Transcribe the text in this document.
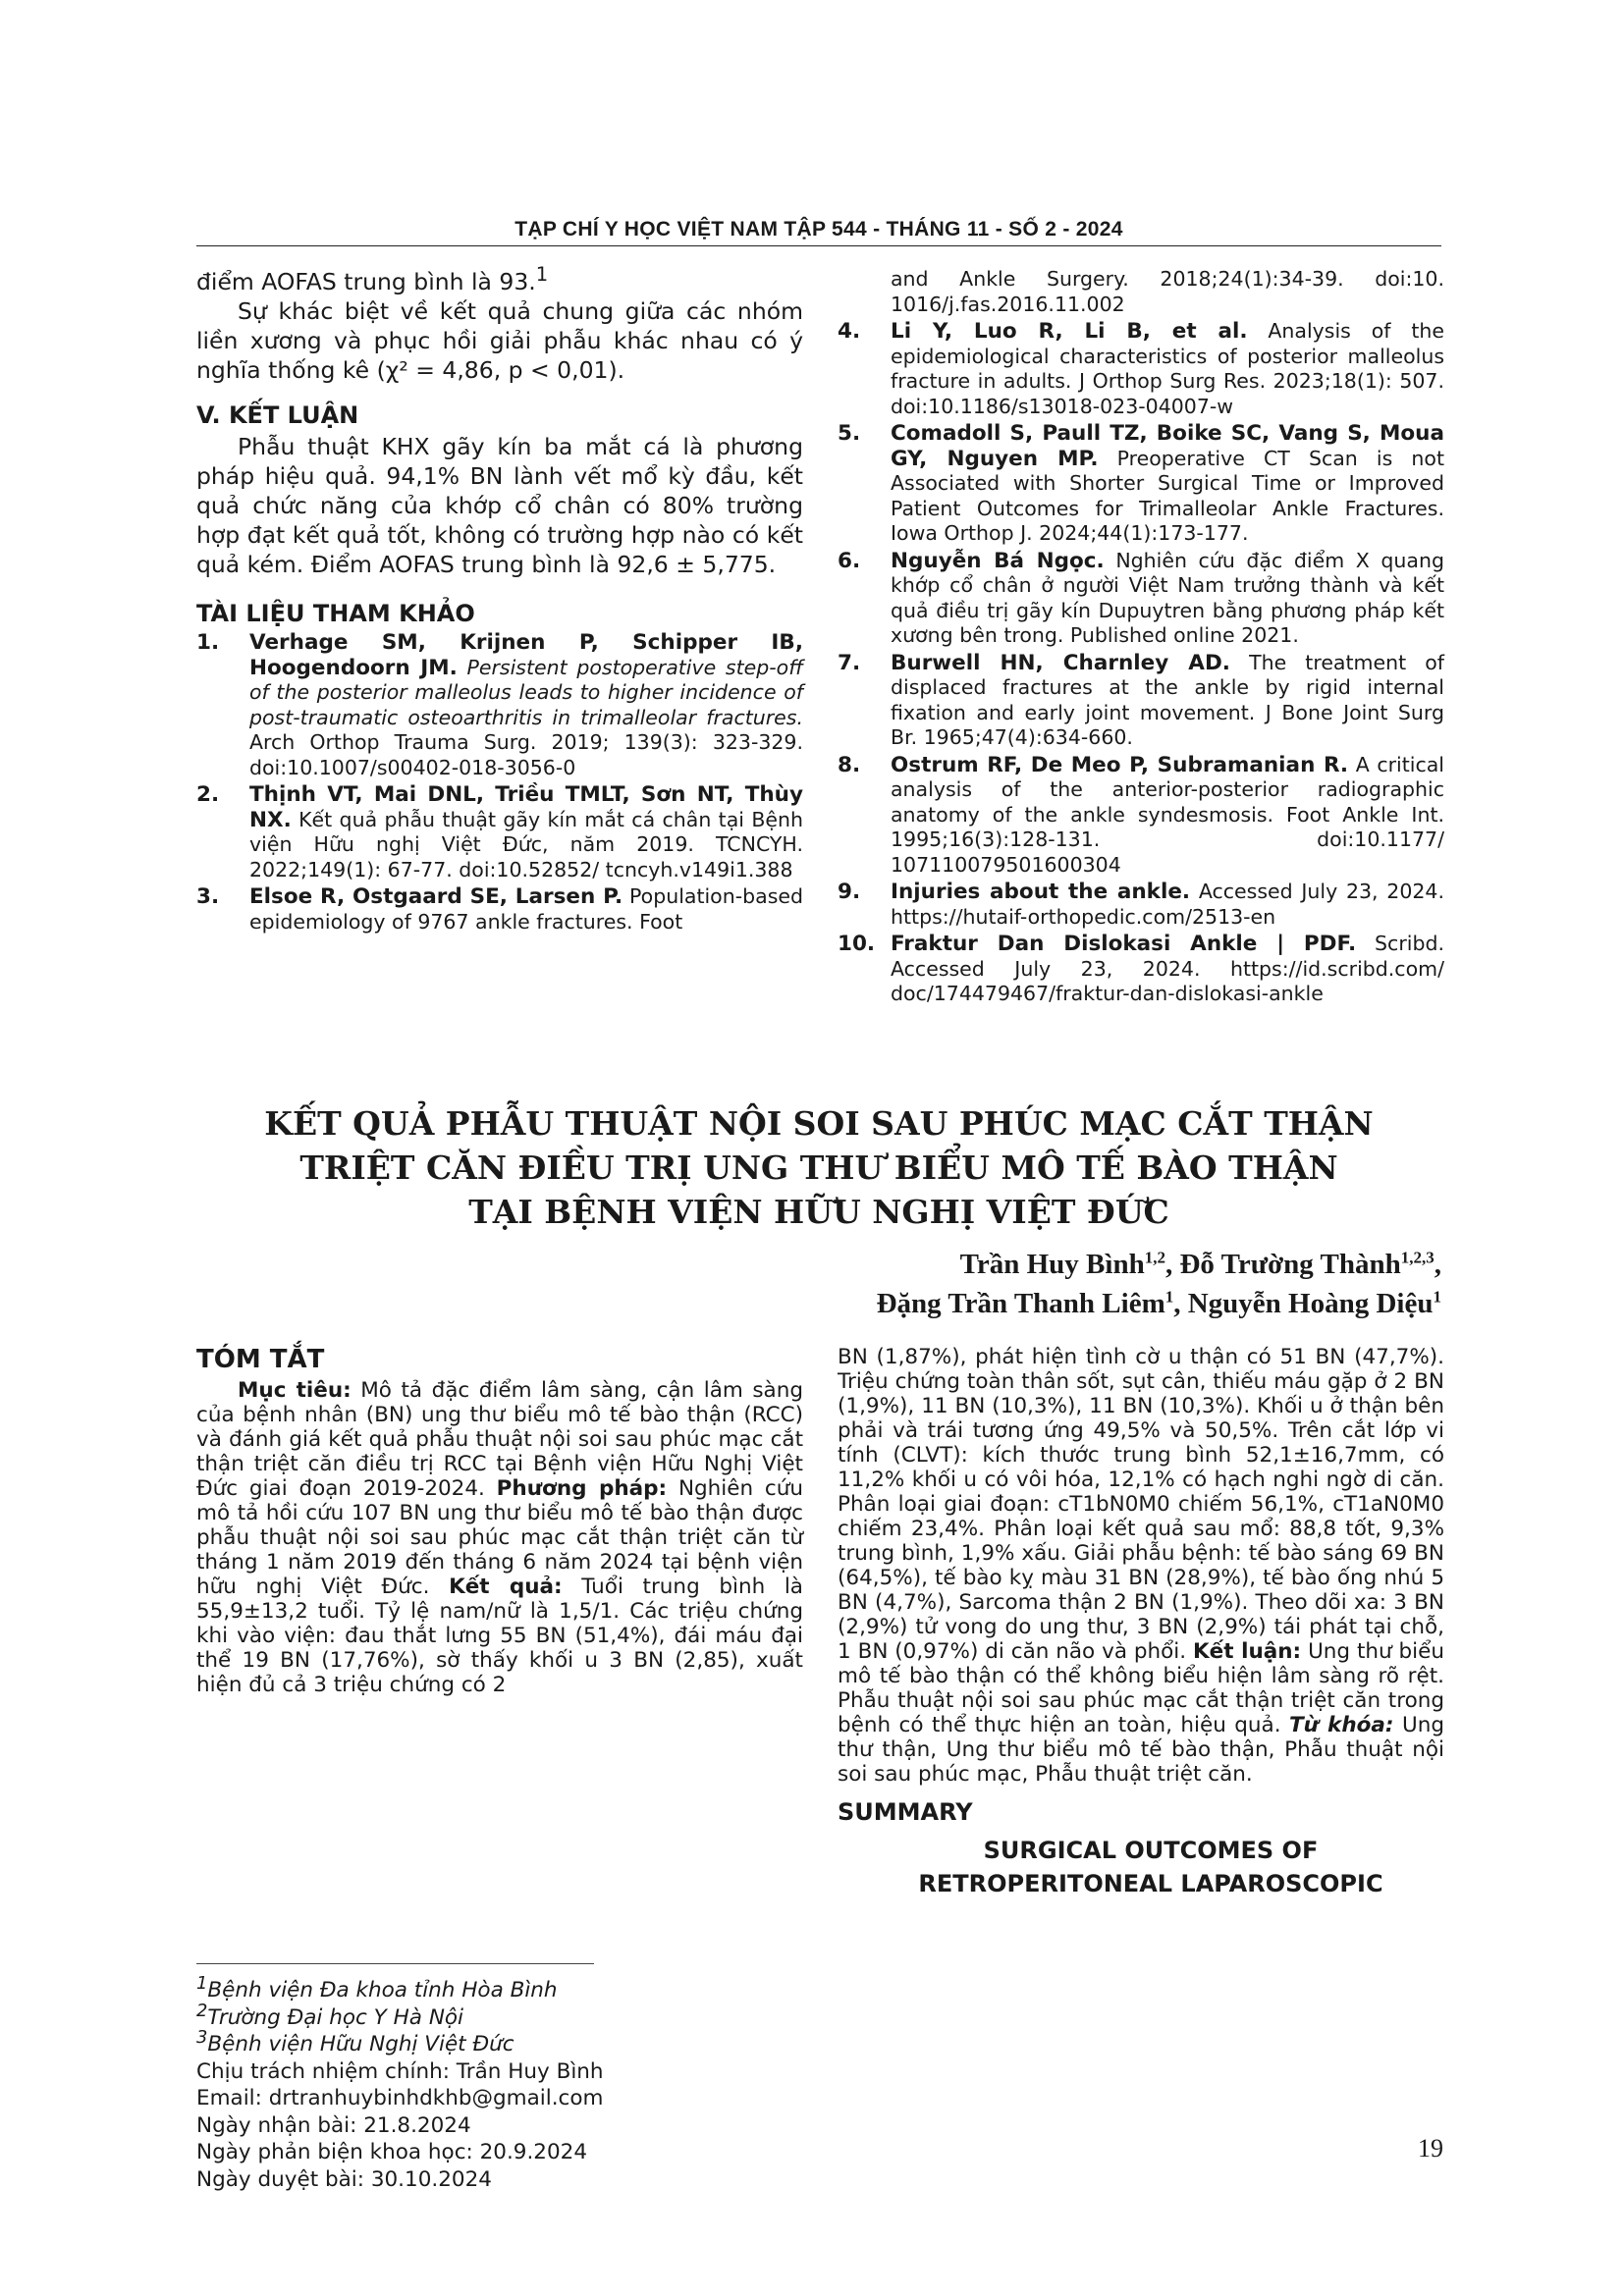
TẠP CHÍ Y HỌC VIỆT NAM TẬP 544 - THÁNG 11 - SỐ 2 - 2024

điểm AOFAS trung bình là 93.$^1$

Sự khác biệt về kết quả chung giữa các nhóm liền xương và phục hồi giải phẫu khác nhau có ý nghĩa thống kê (χ² = 4,86, p < 0,01).

V. KẾT LUẬN

Phẫu thuật KHX gãy kín ba mắt cá là phương pháp hiệu quả. 94,1% BN lành vết mổ kỳ đầu, kết quả chức năng của khớp cổ chân có 80% trường hợp đạt kết quả tốt, không có trường hợp nào có kết quả kém. Điểm AOFAS trung bình là 92,6 ± 5,775.

TÀI LIỆU THAM KHẢO
1. Verhage SM, Krijnen P, Schipper IB, Hoogendoorn JM. Persistent postoperative step-off of the posterior malleolus leads to higher incidence of post-traumatic osteoarthritis in trimalleolar fractures. Arch Orthop Trauma Surg. 2019; 139(3): 323-329. doi:10.1007/s00402-018-3056-0
2. Thịnh VT, Mai DNL, Triều TMLT, Sơn NT, Thùy NX. Kết quả phẫu thuật gãy kín mắt cá chân tại Bệnh viện Hữu nghị Việt Đức, năm 2019. TCNCYH. 2022;149(1): 67-77. doi:10.52852/ tcncyh.v149i1.388
3. Elsoe R, Ostgaard SE, Larsen P. Population-based epidemiology of 9767 ankle fractures. Foot
and Ankle Surgery. 2018;24(1):34-39. doi:10. 1016/j.fas.2016.11.002
4. Li Y, Luo R, Li B, et al. Analysis of the epidemiological characteristics of posterior malleolus fracture in adults. J Orthop Surg Res. 2023;18(1): 507. doi:10.1186/s13018-023-04007-w
5. Comadoll S, Paull TZ, Boike SC, Vang S, Moua GY, Nguyen MP. Preoperative CT Scan is not Associated with Shorter Surgical Time or Improved Patient Outcomes for Trimalleolar Ankle Fractures. Iowa Orthop J. 2024;44(1):173-177.
6. Nguyễn Bá Ngọc. Nghiên cứu đặc điểm X quang khớp cổ chân ở người Việt Nam trưởng thành và kết quả điều trị gãy kín Dupuytren bằng phương pháp kết xương bên trong. Published online 2021.
7. Burwell HN, Charnley AD. The treatment of displaced fractures at the ankle by rigid internal fixation and early joint movement. J Bone Joint Surg Br. 1965;47(4):634-660.
8. Ostrum RF, De Meo P, Subramanian R. A critical analysis of the anterior-posterior radiographic anatomy of the ankle syndesmosis. Foot Ankle Int. 1995;16(3):128-131. doi:10.1177/ 107110079501600304
9. Injuries about the ankle. Accessed July 23, 2024. https://hutaif-orthopedic.com/2513-en
10. Fraktur Dan Dislokasi Ankle | PDF. Scribd. Accessed July 23, 2024. https://id.scribd.com/ doc/174479467/fraktur-dan-dislokasi-ankle
KẾT QUẢ PHẪU THUẬT NỘI SOI SAU PHÚC MẠC CẮT THẬN
TRIỆT CĂN ĐIỀU TRỊ UNG THƯ BIỂU MÔ TẾ BÀO THẬN
TẠI BỆNH VIỆN HỮU NGHỊ VIỆT ĐỨC
Trần Huy Bình$^{1,2}$, Đỗ Trường Thành$^{1,2,3}$,
Đặng Trần Thanh Liêm$^1$, Nguyễn Hoàng Diệu$^1$
TÓM TẮT

Mục tiêu: Mô tả đặc điểm lâm sàng, cận lâm sàng của bệnh nhân (BN) ung thư biểu mô tế bào thận (RCC) và đánh giá kết quả phẫu thuật nội soi sau phúc mạc cắt thận triệt căn điều trị RCC tại Bệnh viện Hữu Nghị Việt Đức giai đoạn 2019-2024. Phương pháp: Nghiên cứu mô tả hồi cứu 107 BN ung thư biểu mô tế bào thận được phẫu thuật nội soi sau phúc mạc cắt thận triệt căn từ tháng 1 năm 2019 đến tháng 6 năm 2024 tại bệnh viện hữu nghị Việt Đức. Kết quả: Tuổi trung bình là 55,9±13,2 tuổi. Tỷ lệ nam/nữ là 1,5/1. Các triệu chứng khi vào viện: đau thắt lưng 55 BN (51,4%), đái máu đại thể 19 BN (17,76%), sờ thấy khối u 3 BN (2,85), xuất hiện đủ cả 3 triệu chứng có 2

BN (1,87%), phát hiện tình cờ u thận có 51 BN (47,7%). Triệu chứng toàn thân sốt, sụt cân, thiếu máu gặp ở 2 BN (1,9%), 11 BN (10,3%), 11 BN (10,3%). Khối u ở thận bên phải và trái tương ứng 49,5% và 50,5%. Trên cắt lớp vi tính (CLVT): kích thước trung bình 52,1±16,7mm, có 11,2% khối u có vôi hóa, 12,1% có hạch nghi ngờ di căn. Phân loại giai đoạn: cT1bN0M0 chiếm 56,1%, cT1aN0M0 chiếm 23,4%. Phân loại kết quả sau mổ: 88,8 tốt, 9,3% trung bình, 1,9% xấu. Giải phẫu bệnh: tế bào sáng 69 BN (64,5%), tế bào kỵ màu 31 BN (28,9%), tế bào ống nhú 5 BN (4,7%), Sarcoma thận 2 BN (1,9%). Theo dõi xa: 3 BN (2,9%) tử vong do ung thư, 3 BN (2,9%) tái phát tại chỗ, 1 BN (0,97%) di căn não và phổi. Kết luận: Ung thư biểu mô tế bào thận có thể không biểu hiện lâm sàng rõ rệt. Phẫu thuật nội soi sau phúc mạc cắt thận triệt căn trong bệnh có thể thực hiện an toàn, hiệu quả. Từ khóa: Ung thư thận, Ung thư biểu mô tế bào thận, Phẫu thuật nội soi sau phúc mạc, Phẫu thuật triệt căn.

SUMMARY
SURGICAL OUTCOMES OF
RETROPERITONEAL LAPAROSCOPIC

$^1$Bệnh viện Đa khoa tỉnh Hòa Bình

$^2$Trường Đại học Y Hà Nội

$^3$Bệnh viện Hữu Nghị Việt Đức

Chịu trách nhiệm chính: Trần Huy Bình

Email: drtranhuybinhdkhb@gmail.com

Ngày nhận bài: 21.8.2024

Ngày phản biện khoa học: 20.9.2024

Ngày duyệt bài: 30.10.2024

19
